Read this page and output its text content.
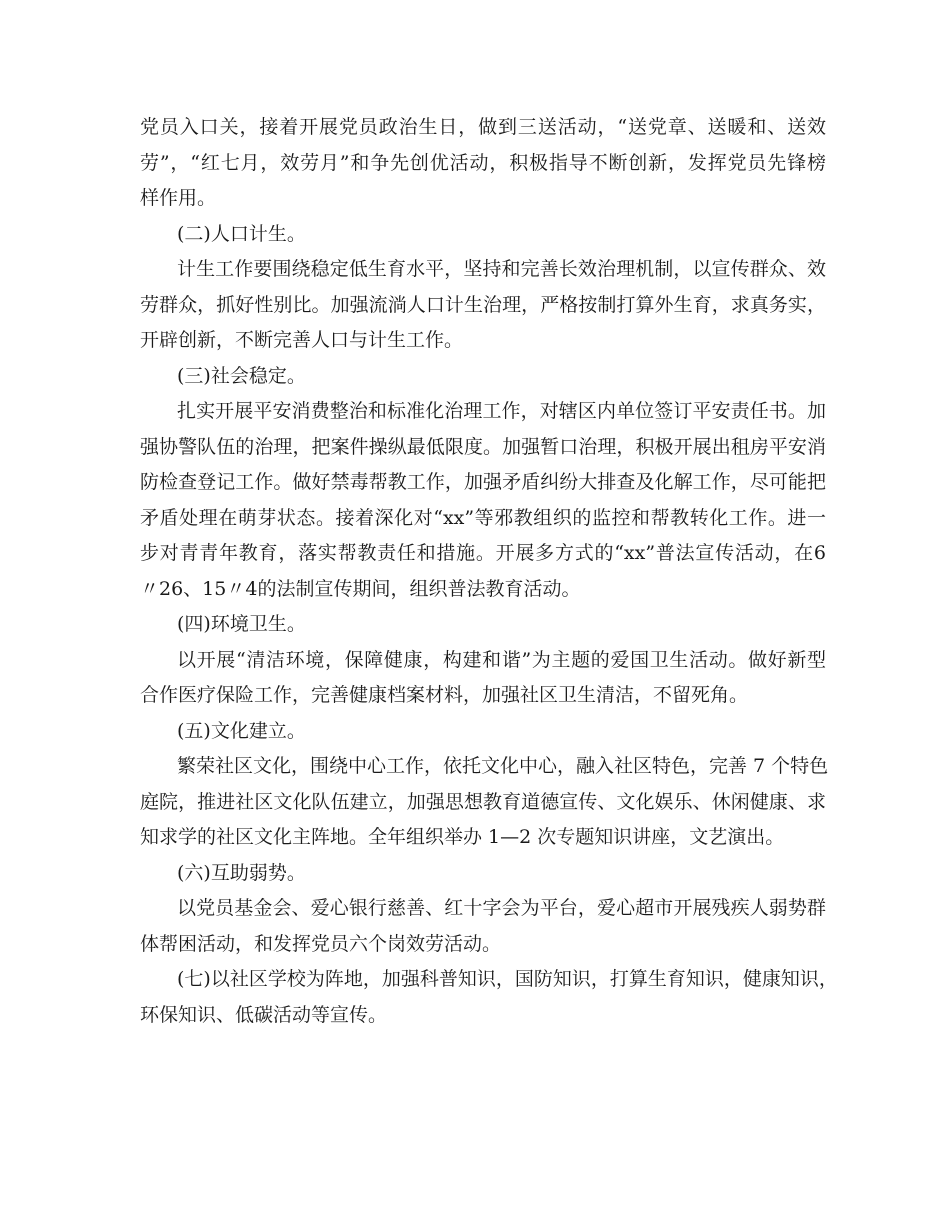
党员入口关，接着开展党员政治生日，做到三送活动，“送党章、送暖和、送效
劳”，“红七月，效劳月”和争先创优活动，积极指导不断创新，发挥党员先锋榜
样作用。
(二)人口计生。
计生工作要围绕稳定低生育水平，坚持和完善长效治理机制，以宣传群众、效
劳群众，抓好性别比。加强流淌人口计生治理，严格按制打算外生育，求真务实，
开辟创新，不断完善人口与计生工作。
(三)社会稳定。
扎实开展平安消费整治和标准化治理工作，对辖区内单位签订平安责任书。加
强协警队伍的治理，把案件操纵最低限度。加强暂口治理，积极开展出租房平安消
防检查登记工作。做好禁毒帮教工作，加强矛盾纠纷大排查及化解工作，尽可能把
矛盾处理在萌芽状态。接着深化对“xx”等邪教组织的监控和帮教转化工作。进一
步对青青年教育，落实帮教责任和措施。开展多方式的“xx”普法宣传活动，在6
〃26、15〃4的法制宣传期间，组织普法教育活动。
(四)环境卫生。
以开展“清洁环境，保障健康，构建和谐”为主题的爱国卫生活动。做好新型
合作医疗保险工作，完善健康档案材料，加强社区卫生清洁，不留死角。
(五)文化建立。
繁荣社区文化，围绕中心工作，依托文化中心，融入社区特色，完善 7 个特色
庭院，推进社区文化队伍建立，加强思想教育道德宣传、文化娱乐、休闲健康、求
知求学的社区文化主阵地。全年组织举办 1—2 次专题知识讲座，文艺演出。
(六)互助弱势。
以党员基金会、爱心银行慈善、红十字会为平台，爱心超市开展残疾人弱势群
体帮困活动，和发挥党员六个岗效劳活动。
(七)以社区学校为阵地，加强科普知识，国防知识，打算生育知识，健康知识，
环保知识、低碳活动等宣传。
